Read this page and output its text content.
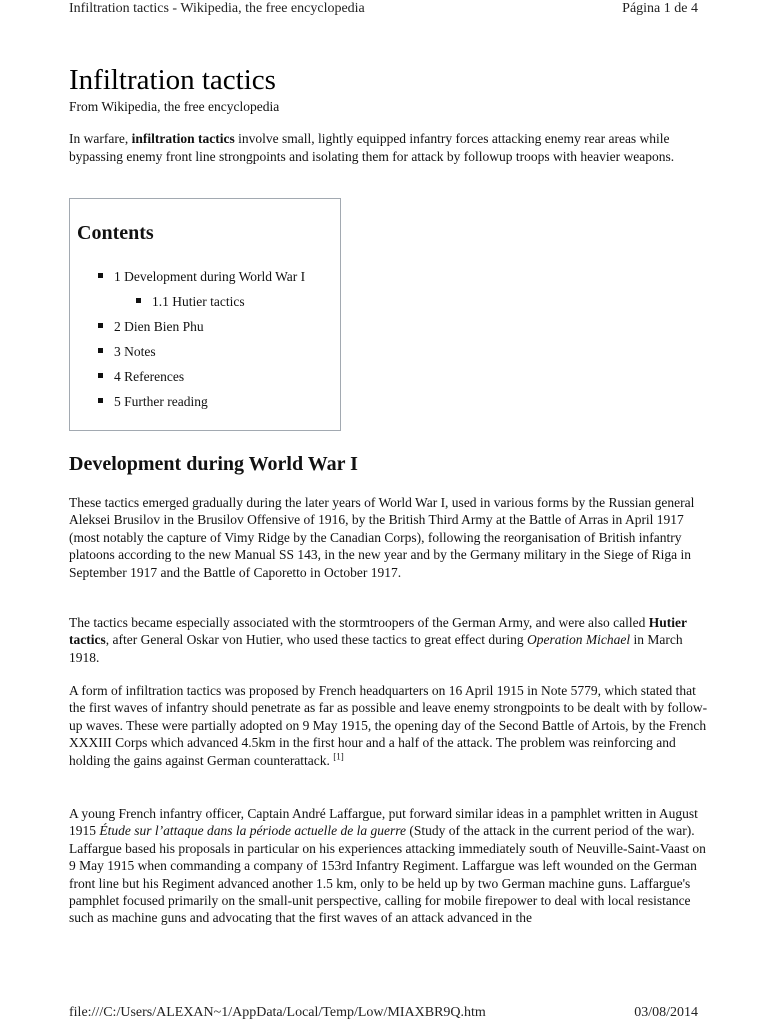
Infiltration tactics - Wikipedia, the free encyclopedia	Página 1 de 4
Infiltration tactics
From Wikipedia, the free encyclopedia

In warfare, infiltration tactics involve small, lightly equipped infantry forces attacking enemy rear areas while bypassing enemy front line strongpoints and isolating them for attack by followup troops with heavier weapons.

Contents
1 Development during World War I
1.1 Hutier tactics
2 Dien Bien Phu
3 Notes
4 References
5 Further reading
Development during World War I

These tactics emerged gradually during the later years of World War I, used in various forms by the Russian general Aleksei Brusilov in the Brusilov Offensive of 1916, by the British Third Army at the Battle of Arras in April 1917 (most notably the capture of Vimy Ridge by the Canadian Corps), following the reorganisation of British infantry platoons according to the new Manual SS 143, in the new year and by the Germany military in the Siege of Riga in September 1917 and the Battle of Caporetto in October 1917.

The tactics became especially associated with the stormtroopers of the German Army, and were also called Hutier tactics, after General Oskar von Hutier, who used these tactics to great effect during Operation Michael in March 1918.

A form of infiltration tactics was proposed by French headquarters on 16 April 1915 in Note 5779, which stated that the first waves of infantry should penetrate as far as possible and leave enemy strongpoints to be dealt with by follow-up waves. These were partially adopted on 9 May 1915, the opening day of the Second Battle of Artois, by the French XXXIII Corps which advanced 4.5km in the first hour and a half of the attack. The problem was reinforcing and holding the gains against German counterattack. [1]

A young French infantry officer, Captain André Laffargue, put forward similar ideas in a pamphlet written in August 1915 Étude sur l’attaque dans la période actuelle de la guerre (Study of the attack in the current period of the war). Laffargue based his proposals in particular on his experiences attacking immediately south of Neuville-Saint-Vaast on 9 May 1915 when commanding a company of 153rd Infantry Regiment. Laffargue was left wounded on the German front line but his Regiment advanced another 1.5 km, only to be held up by two German machine guns. Laffargue's pamphlet focused primarily on the small-unit perspective, calling for mobile firepower to deal with local resistance such as machine guns and advocating that the first waves of an attack advanced in the

file:///C:/Users/ALEXAN~1/AppData/Local/Temp/Low/MIAXBR9Q.htm	03/08/2014
